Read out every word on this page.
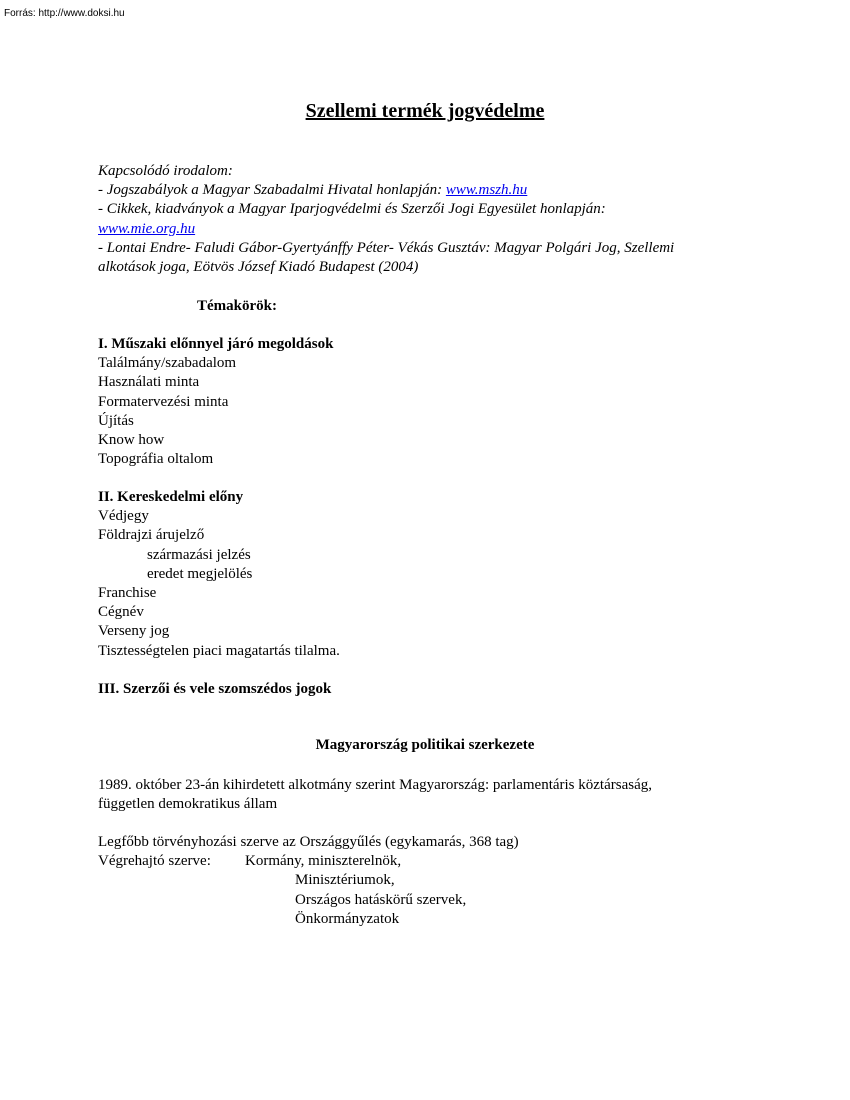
Forrás: http://www.doksi.hu
Szellemi termék jogvédelme
Kapcsolódó irodalom:
- Jogszabályok a Magyar Szabadalmi Hivatal honlapján: www.mszh.hu
- Cikkek, kiadványok a Magyar Iparjogvédelmi és Szerzői Jogi Egyesület honlapján:
www.mie.org.hu
- Lontai Endre- Faludi Gábor-Gyertyánffy Péter- Vékás Gusztáv: Magyar Polgári Jog, Szellemi
alkotások joga, Eötvös József Kiadó Budapest (2004)
Témakörök:
I. Műszaki előnnyel járó megoldások
Találmány/szabadalom
Használati minta
Formatervezési minta
Újítás
Know how
Topográfia oltalom
II. Kereskedelmi előny
Védjegy
Földrajzi árujelző
származási jelzés
eredet megjelölés
Franchise
Cégnév
Verseny jog
Tisztességtelen piaci magatartás tilalma.
III. Szerzői és vele szomszédos jogok
Magyarország politikai szerkezete
1989. október 23-án kihirdetett alkotmány szerint Magyarország: parlamentáris köztársaság,
független demokratikus állam
Legfőbb törvényhozási szerve az Országgyűlés (egykamarás, 368 tag)
Végrehajtó szerve: Kormány, miniszterelnök,
Minisztériumok,
Országos hatáskörű szervek,
Önkormányzatok
